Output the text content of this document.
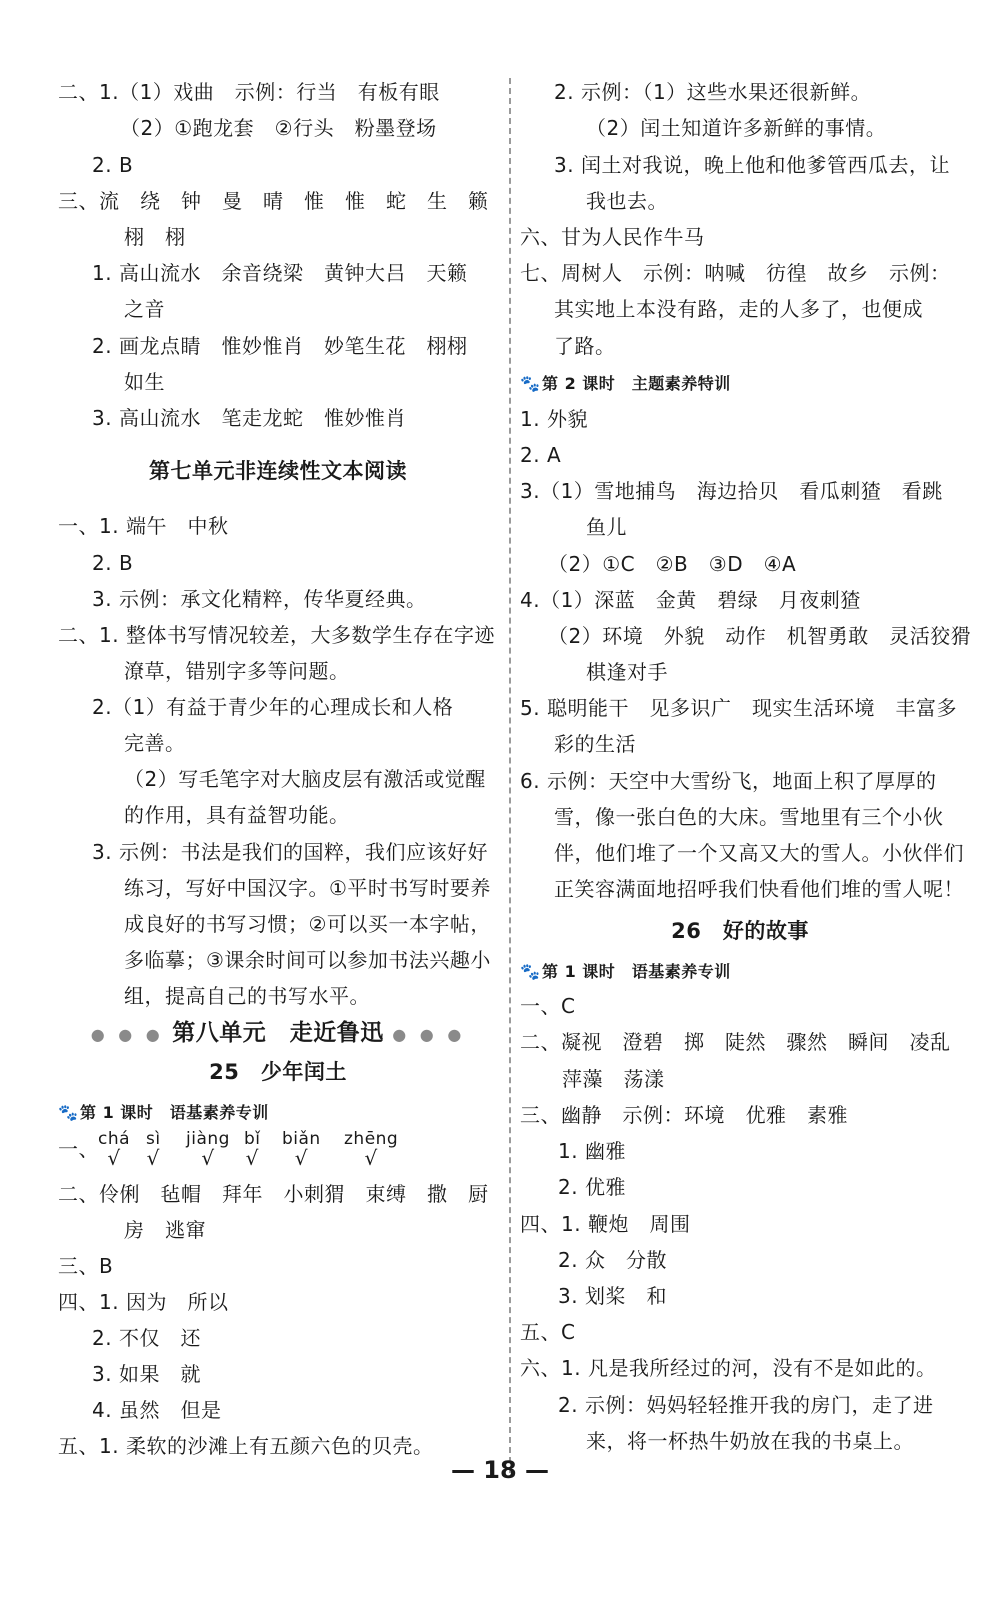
第七单元非连续性文本阅读
● ● ● 第八单元　走近鲁迅 ● ● ●
25　少年闰土
🐾第 1 课时　语基素养专训
一、 chá
√
sì
√
jiàng
√
bǐ
√
biǎn
√
zhēng
√
二、1.（1）戏曲　示例：行当　有板有眼
（2）①跑龙套　②行头　粉墨登场
2. B
三、流　绕　钟　曼　晴　惟　惟　蛇　生　籁
栩　栩
1. 高山流水　余音绕梁　黄钟大吕　天籁
之音
2. 画龙点睛　惟妙惟肖　妙笔生花　栩栩
如生
3. 高山流水　笔走龙蛇　惟妙惟肖
一、1. 端午　中秋
2. B
3. 示例：承文化精粹，传华夏经典。
二、1. 整体书写情况较差，大多数学生存在字迹
潦草，错别字多等问题。
2.（1）有益于青少年的心理成长和人格
完善。
（2）写毛笔字对大脑皮层有激活或觉醒
的作用，具有益智功能。
3. 示例：书法是我们的国粹，我们应该好好
练习，写好中国汉字。①平时书写时要养
成良好的书写习惯；②可以买一本字帖，
多临摹；③课余时间可以参加书法兴趣小
组，提高自己的书写水平。
二、伶俐　毡帽　拜年　小刺猬　束缚　撒　厨
房　逃窜
三、B
四、1. 因为　所以
2. 不仅　还
3. 如果　就
4. 虽然　但是
五、1. 柔软的沙滩上有五颜六色的贝壳。
🐾第 2 课时　主题素养特训
26　好的故事
🐾第 1 课时　语基素养专训
2. 示例：（1）这些水果还很新鲜。
（2）闰土知道许多新鲜的事情。
3. 闰土对我说，晚上他和他爹管西瓜去，让
我也去。
六、甘为人民作牛马
七、周树人　示例：呐喊　彷徨　故乡　示例：
其实地上本没有路，走的人多了，也便成
了路。
1. 外貌
2. A
3.（1）雪地捕鸟　海边拾贝　看瓜刺猹　看跳
鱼儿
（2）①C　②B　③D　④A
4.（1）深蓝　金黄　碧绿　月夜刺猹
（2）环境　外貌　动作　机智勇敢　灵活狡猾
棋逢对手
5. 聪明能干　见多识广　现实生活环境　丰富多
彩的生活
6. 示例：天空中大雪纷飞，地面上积了厚厚的
雪，像一张白色的大床。雪地里有三个小伙
伴，他们堆了一个又高又大的雪人。小伙伴们
正笑容满面地招呼我们快看他们堆的雪人呢！
一、C
二、凝视　澄碧　掷　陡然　骤然　瞬间　凌乱
萍藻　荡漾
三、幽静　示例：环境　优雅　素雅
1. 幽雅
2. 优雅
四、1. 鞭炮　周围
2. 众　分散
3. 划桨　和
五、C
六、1. 凡是我所经过的河，没有不是如此的。
2. 示例：妈妈轻轻推开我的房门，走了进
来，将一杯热牛奶放在我的书桌上。
— 18 —
